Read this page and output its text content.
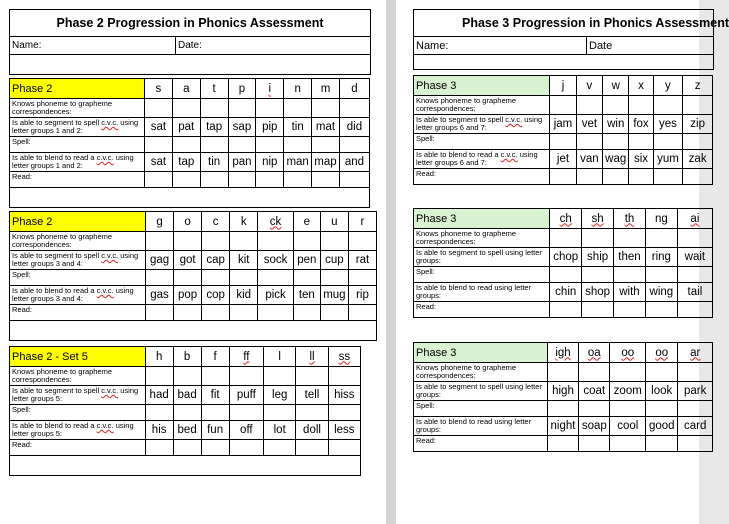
Phase 2 Progression in Phonics Assessment
Name:	Date:

Phase 2	s	a	t	p	i	n	m	d
Knows phoneme to grapheme correspondences:								
Is able to segment to spell c.v.c. using letter groups 1 and 2:	sat	pat	tap	sap	pip	tin	mat	did
Spell:								
Is able to blend to read a c.v.c. using letter groups 1 and 2:	sat	tap	tin	pan	nip	man	map	and
Read:								

Phase 2	g	o	c	k	ck	e	u	r
Knows phoneme to grapheme correspondences:								
Is able to segment to spell c.v.c. using letter groups 3 and 4:	gag	got	cap	kit	sock	pen	cup	rat
Spell:								
Is able to blend to read a c.v.c. using letter groups 3 and 4:	gas	pop	cop	kid	pick	ten	mug	rip
Read:								

Phase 2 - Set 5	h	b	f	ff	l	ll	ss
Knows phoneme to grapheme correspondences:							
Is able to segment to spell c.v.c. using letter groups 5:	had	bad	fit	puff	leg	tell	hiss
Spell:							
Is able to blend to read a c.v.c. using letter groups 5:	his	bed	fun	off	lot	doll	less
Read:							

Phase 3 Progression in Phonics Assessment
Name:	Date

Phase 3	j	v	w	x	y	z
Knows phoneme to grapheme correspondences:						
Is able to segment to spell c.v.c. using letter groups 6 and 7:	jam	vet	win	fox	yes	zip
Spell:						
Is able to blend to read a c.v.c. using letter groups 6 and 7:	jet	van	wag	six	yum	zak
Read:						

Phase 3	ch	sh	th	ng	ai
Knows phoneme to grapheme correspondences:					
Is able to segment to spell using letter groups:	chop	ship	then	ring	wait
Spell:					
Is able to blend to read using letter groups:	chin	shop	with	wing	tail
Read:					

Phase 3	igh	oa	oo	oo	ar
Knows phoneme to grapheme correspondences:					
Is able to segment to spell using letter groups:	high	coat	zoom	look	park
Spell:					
Is able to blend to read using letter groups:	night	soap	cool	good	card
Read:					
